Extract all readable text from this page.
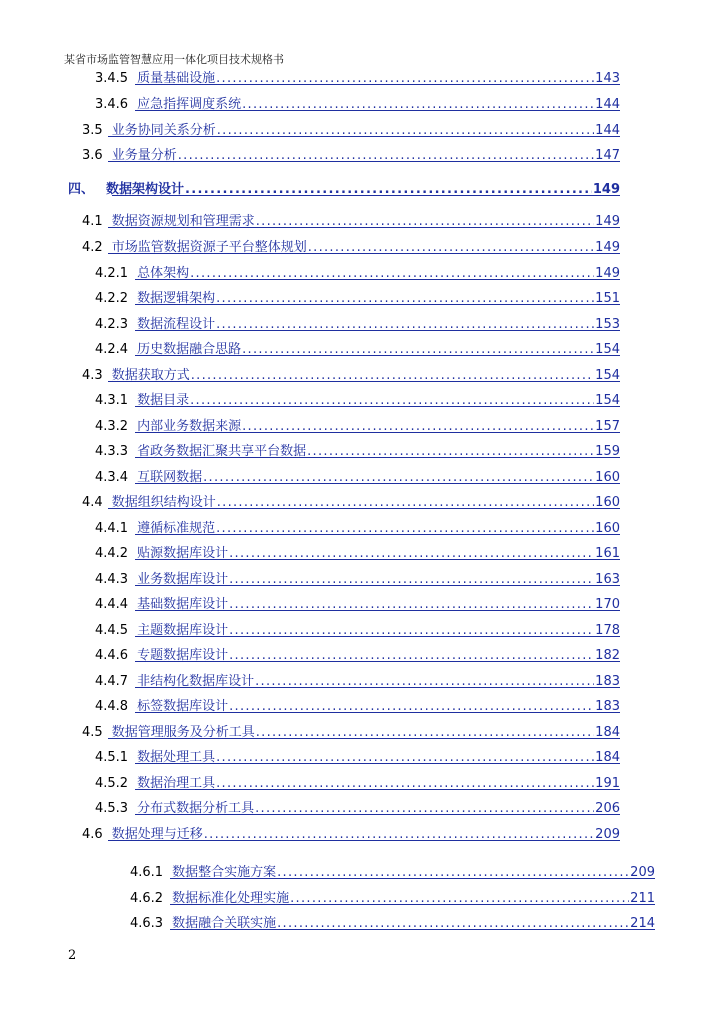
某省市场监管智慧应用一体化项目技术规格书
3.4.5 质量基础设施 .....	143
3.4.6 应急指挥调度系统 .....	144
3.5 业务协同关系分析 .....	144
3.6 业务量分析 .....	147
四、 数据架构设计 .....	149
4.1 数据资源规划和管理需求 .....	149
4.2 市场监管数据资源子平台整体规划 .....	149
4.2.1 总体架构 .....	149
4.2.2 数据逻辑架构 .....	151
4.2.3 数据流程设计 .....	153
4.2.4 历史数据融合思路 .....	154
4.3 数据获取方式 .....	154
4.3.1 数据目录 .....	154
4.3.2 内部业务数据来源 .....	157
4.3.3 省政务数据汇聚共享平台数据 .....	159
4.3.4 互联网数据 .....	160
4.4 数据组织结构设计 .....	160
4.4.1 遵循标准规范 .....	160
4.4.2 贴源数据库设计 .....	161
4.4.3 业务数据库设计 .....	163
4.4.4 基础数据库设计 .....	170
4.4.5 主题数据库设计 .....	178
4.4.6 专题数据库设计 .....	182
4.4.7 非结构化数据库设计 .....	183
4.4.8 标签数据库设计 .....	183
4.5 数据管理服务及分析工具 .....	184
4.5.1 数据处理工具 .....	184
4.5.2 数据治理工具 .....	191
4.5.3 分布式数据分析工具 .....	206
4.6 数据处理与迁移 .....	209
4.6.1 数据整合实施方案 .....	209
4.6.2 数据标准化处理实施 .....	211
4.6.3 数据融合关联实施 .....	214
2
